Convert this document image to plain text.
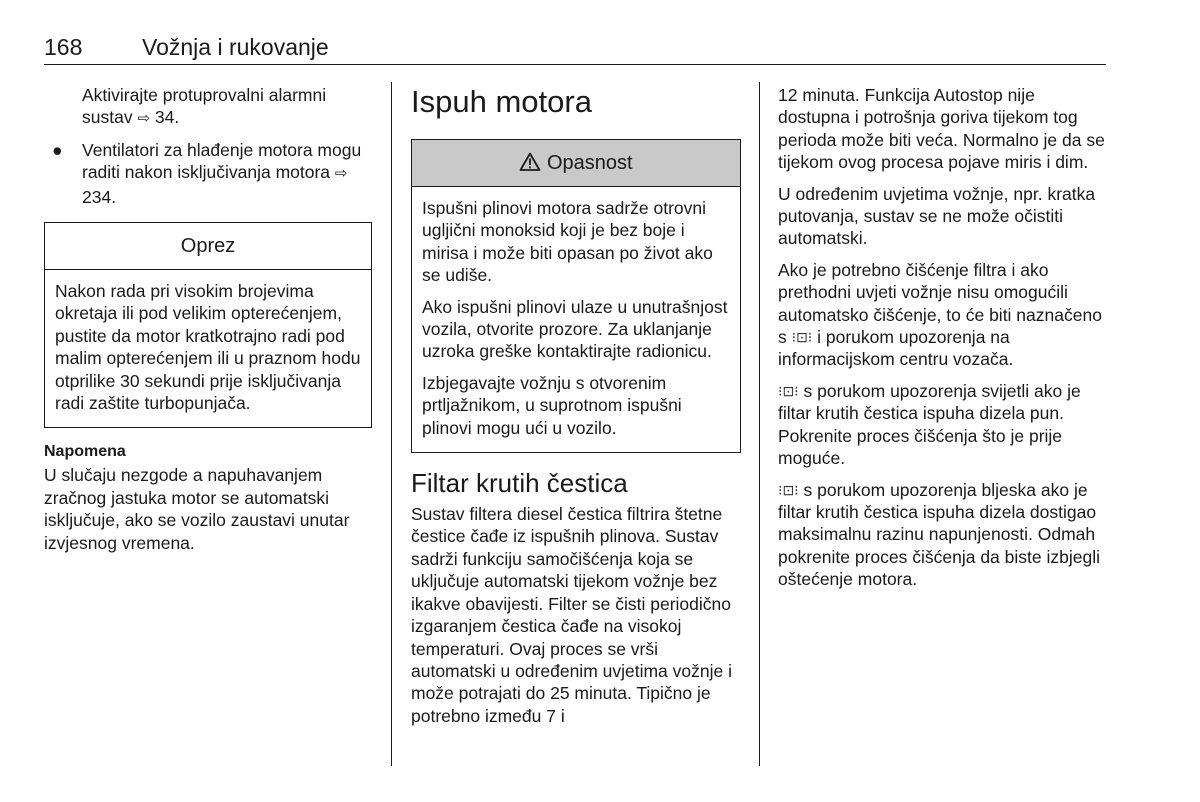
168	Vožnja i rukovanje

Aktivirajte protuprovalni alarmni sustav ⇨ 34.

● Ventilatori za hlađenje motora mogu raditi nakon isključivanja motora ⇨ 234.
Oprez

Nakon rada pri visokim brojevima okretaja ili pod velikim opterećenjem, pustite da motor kratkotrajno radi pod malim opterećenjem ili u praznom hodu otprilike 30 sekundi prije isključivanja radi zaštite turbopunjača.

Napomena

U slučaju nezgode a napuhavanjem zračnog jastuka motor se automatski isključuje, ako se vozilo zaustavi unutar izvjesnog vremena.

Ispuh motora
Opasnost

Ispušni plinovi motora sadrže otrovni ugljični monoksid koji je bez boje i mirisa i može biti opasan po život ako se udiše.

Ako ispušni plinovi ulaze u unutrašnjost vozila, otvorite prozore. Za uklanjanje uzroka greške kontaktirajte radionicu.

Izbjegavajte vožnju s otvorenim prtljažnikom, u suprotnom ispušni plinovi mogu ući u vozilo.

Filtar krutih čestica

Sustav filtera diesel čestica filtrira štetne čestice čađe iz ispušnih plinova. Sustav sadrži funkciju samočišćenja koja se uključuje automatski tijekom vožnje bez ikakve obavijesti. Filter se čisti periodično izgaranjem čestica čađe na visokoj temperaturi. Ovaj proces se vrši automatski u određenim uvjetima vožnje i može potrajati do 25 minuta. Tipično je potrebno između 7 i

12 minuta. Funkcija Autostop nije dostupna i potrošnja goriva tijekom tog perioda može biti veća. Normalno je da se tijekom ovog procesa pojave miris i dim.

U određenim uvjetima vožnje, npr. kratka putovanja, sustav se ne može očistiti automatski.

Ako je potrebno čišćenje filtra i ako prethodni uvjeti vožnje nisu omogućili automatsko čišćenje, to će biti naznačeno s ⁝⊡⁝ i porukom upozorenja na informacijskom centru vozača.

⁝⊡⁝ s porukom upozorenja svijetli ako je filtar krutih čestica ispuha dizela pun. Pokrenite proces čišćenja što je prije moguće.

⁝⊡⁝ s porukom upozorenja bljeska ako je filtar krutih čestica ispuha dizela dostigao maksimalnu razinu napunjenosti. Odmah pokrenite proces čišćenja da biste izbjegli oštećenje motora.
